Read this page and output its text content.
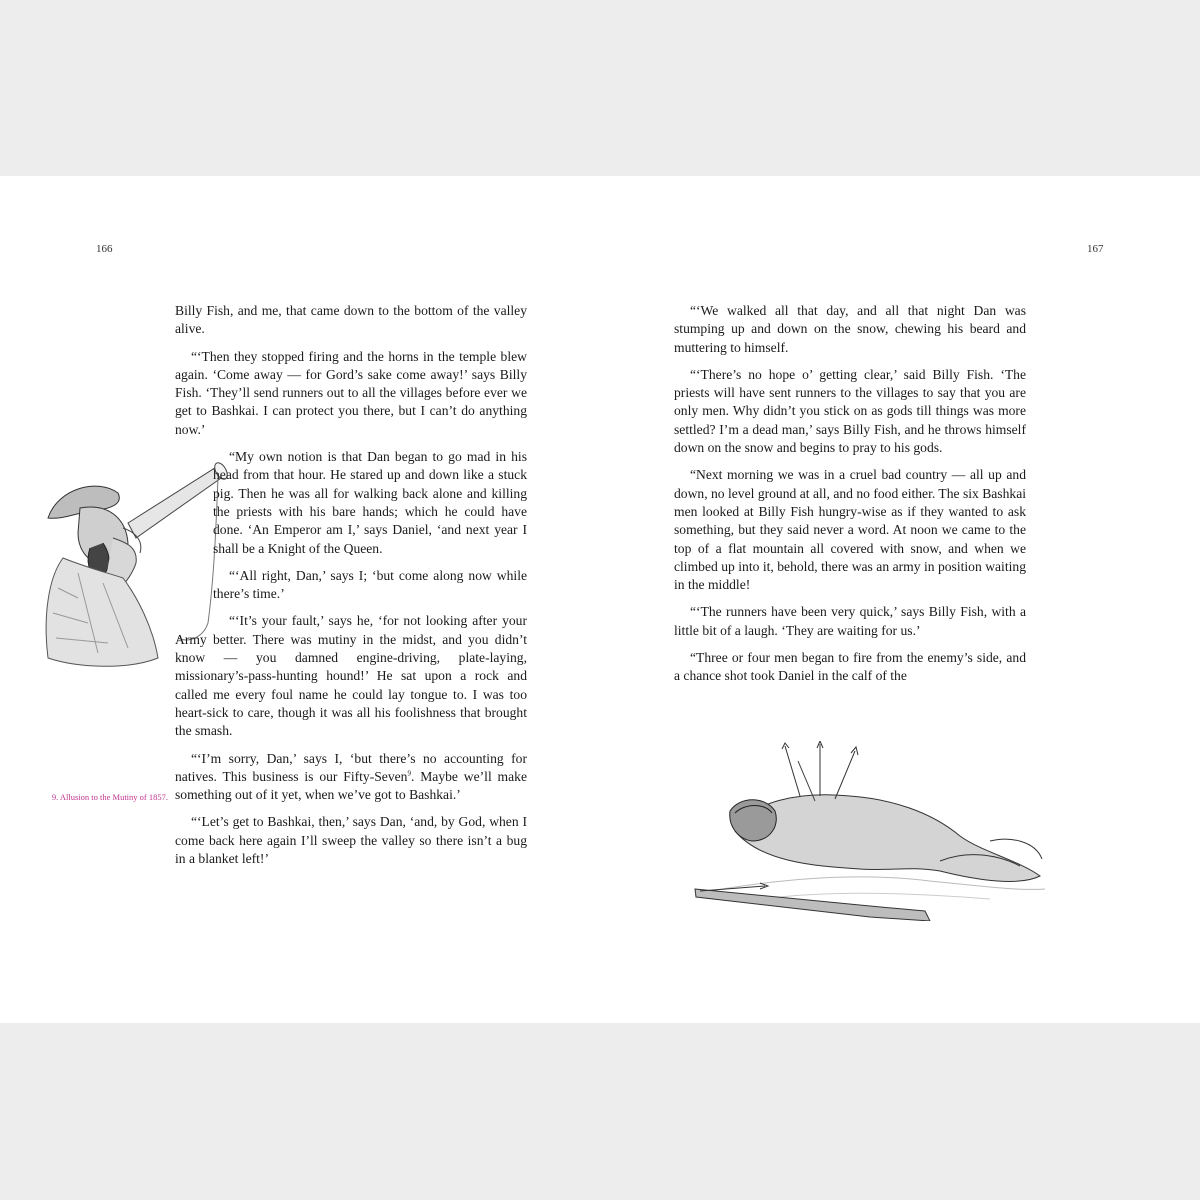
166	167
9. Allusion to the Mutiny of 1857.

Billy Fish, and me, that came down to the bottom of the valley alive.

“‘Then they stopped firing and the horns in the temple blew again. ‘Come away — for Gord’s sake come away!’ says Billy Fish. ‘They’ll send runners out to all the villages before ever we get to Bashkai. I can protect you there, but I can’t do anything now.’

“My own notion is that Dan began to go mad in his head from that hour. He stared up and down like a stuck pig. Then he was all for walking back alone and killing the priests with his bare hands; which he could have done. ‘An Emperor am I,’ says Daniel, ‘and next year I shall be a Knight of the Queen.

“‘All right, Dan,’ says I; ‘but come along now while there’s time.’

“‘It’s your fault,’ says he, ‘for not looking after your Army better. There was mutiny in the midst, and you didn’t know — you damned engine-driving, plate-laying, missionary’s-pass-hunting hound!’ He sat upon a rock and called me every foul name he could lay tongue to. I was too heart-sick to care, though it was all his foolishness that brought the smash.

“‘I’m sorry, Dan,’ says I, ‘but there’s no accounting for natives. This business is our Fifty-Seven$^9$. Maybe we’ll make something out of it yet, when we’ve got to Bashkai.’

“‘Let’s get to Bashkai, then,’ says Dan, ‘and, by God, when I come back here again I’ll sweep the valley so there isn’t a bug in a blanket left!’

“‘We walked all that day, and all that night Dan was stumping up and down on the snow, chewing his beard and muttering to himself.

“‘There’s no hope o’ getting clear,’ said Billy Fish. ‘The priests will have sent runners to the villages to say that you are only men. Why didn’t you stick on as gods till things was more settled? I’m a dead man,’ says Billy Fish, and he throws himself down on the snow and begins to pray to his gods.

“Next morning we was in a cruel bad country — all up and down, no level ground at all, and no food either. The six Bashkai men looked at Billy Fish hungry-wise as if they wanted to ask something, but they said never a word. At noon we came to the top of a flat mountain all covered with snow, and when we climbed up into it, behold, there was an army in position waiting in the middle!

“‘The runners have been very quick,’ says Billy Fish, with a little bit of a laugh. ‘They are waiting for us.’

“Three or four men began to fire from the enemy’s side, and a chance shot took Daniel in the calf of the
